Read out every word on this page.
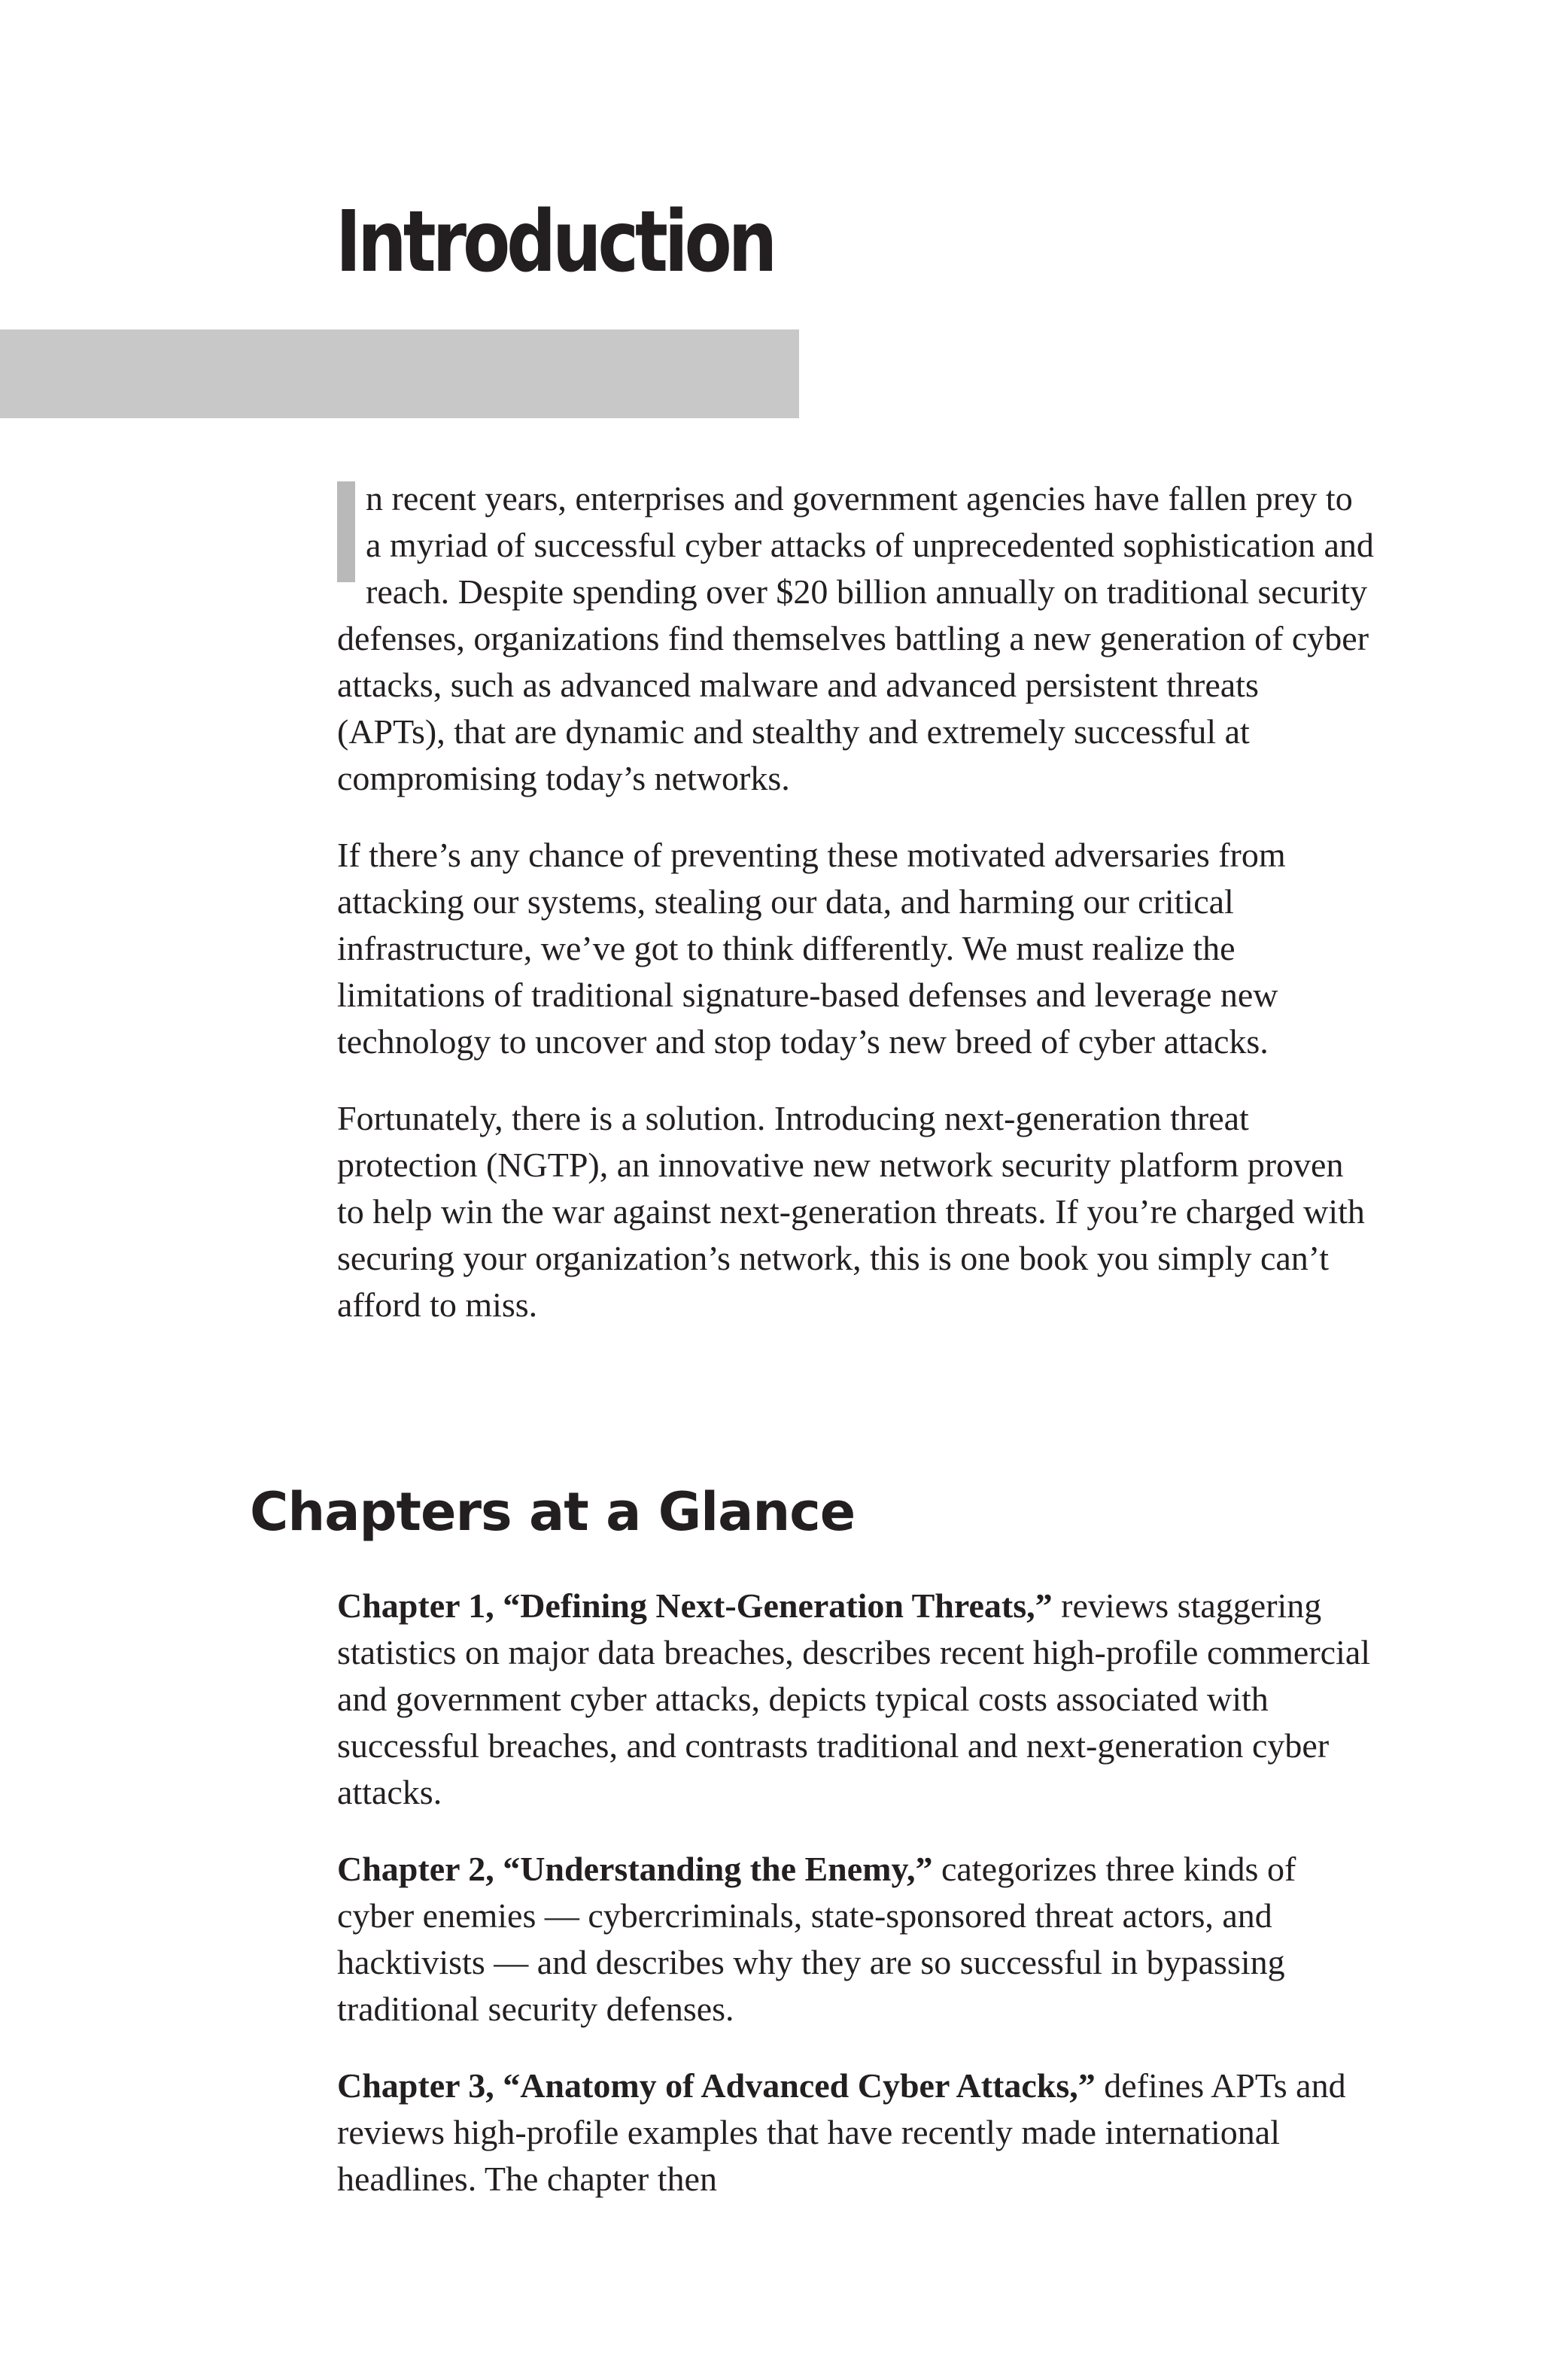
Introduction

n recent years, enterprises and government agencies have fallen prey to a myriad of successful cyber attacks of unprecedented sophistication and reach. Despite spending over $20 billion annually on traditional security defenses, organizations find themselves battling a new generation of cyber attacks, such as advanced malware and advanced persistent threats (APTs), that are dynamic and stealthy and extremely successful at compromising today’s networks.

If there’s any chance of preventing these motivated adversaries from attacking our systems, stealing our data, and harming our critical infrastructure, we’ve got to think differently. We must realize the limitations of traditional signature-based defenses and leverage new technology to uncover and stop today’s new breed of cyber attacks.

Fortunately, there is a solution. Introducing next-generation threat protection (NGTP), an innovative new network security platform proven to help win the war against next-generation threats. If you’re charged with securing your organization’s network, this is one book you simply can’t afford to miss.

Chapters at a Glance

Chapter 1, “Defining Next-Generation Threats,” reviews staggering statistics on major data breaches, describes recent high-profile commercial and government cyber attacks, depicts typical costs associated with successful breaches, and contrasts traditional and next-generation cyber attacks.

Chapter 2, “Understanding the Enemy,” categorizes three kinds of cyber enemies — cybercriminals, state-sponsored threat actors, and hacktivists — and describes why they are so successful in bypassing traditional security defenses.

Chapter 3, “Anatomy of Advanced Cyber Attacks,” defines APTs and reviews high-profile examples that have recently made international headlines. The chapter then
